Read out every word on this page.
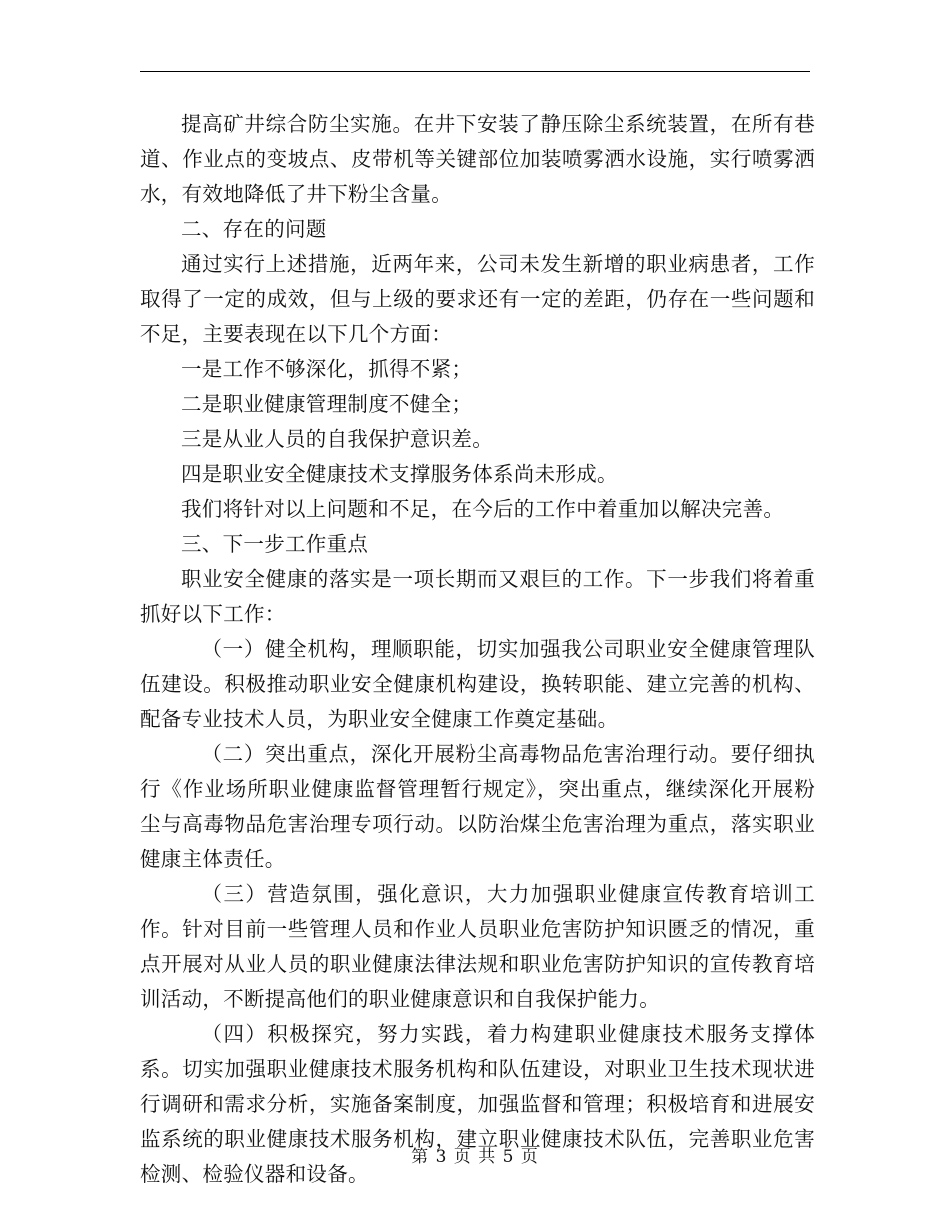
提高矿井综合防尘实施。在井下安装了静压除尘系统装置，在所有巷道、作业点的变坡点、皮带机等关键部位加装喷雾洒水设施，实行喷雾洒水，有效地降低了井下粉尘含量。

二、存在的问题

通过实行上述措施，近两年来，公司未发生新增的职业病患者，工作取得了一定的成效，但与上级的要求还有一定的差距，仍存在一些问题和不足，主要表现在以下几个方面：

一是工作不够深化，抓得不紧；

二是职业健康管理制度不健全；

三是从业人员的自我保护意识差。

四是职业安全健康技术支撑服务体系尚未形成。

我们将针对以上问题和不足，在今后的工作中着重加以解决完善。

三、下一步工作重点

职业安全健康的落实是一项长期而又艰巨的工作。下一步我们将着重抓好以下工作：

（一）健全机构，理顺职能，切实加强我公司职业安全健康管理队伍建设。积极推动职业安全健康机构建设，换转职能、建立完善的机构、配备专业技术人员，为职业安全健康工作奠定基础。

（二）突出重点，深化开展粉尘高毒物品危害治理行动。要仔细执行《作业场所职业健康监督管理暂行规定》，突出重点，继续深化开展粉尘与高毒物品危害治理专项行动。以防治煤尘危害治理为重点，落实职业健康主体责任。

（三）营造氛围，强化意识，大力加强职业健康宣传教育培训工作。针对目前一些管理人员和作业人员职业危害防护知识匮乏的情况，重点开展对从业人员的职业健康法律法规和职业危害防护知识的宣传教育培训活动，不断提高他们的职业健康意识和自我保护能力。

（四）积极探究，努力实践，着力构建职业健康技术服务支撑体系。切实加强职业健康技术服务机构和队伍建设，对职业卫生技术现状进行调研和需求分析，实施备案制度，加强监督和管理；积极培育和进展安监系统的职业健康技术服务机构，建立职业健康技术队伍，完善职业危害检测、检验仪器和设备。

第 3 页 共 5 页
